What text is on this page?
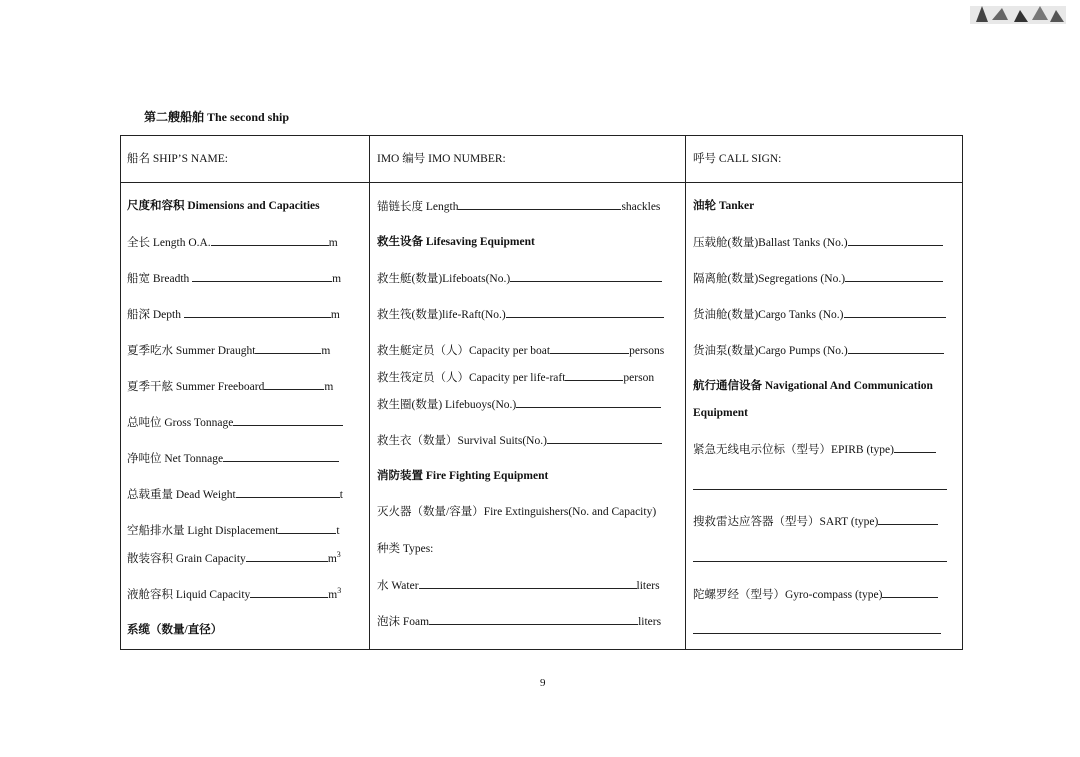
第二艘船舶 The second ship
船名 SHIP’S NAME:	IMO 编号 IMO NUMBER:	呼号 CALL SIGN:
尺度和容积 Dimensions and Capacities
全长 Length O.A.	m
船宽 Breadth	m
船深 Depth	m
夏季吃水 Summer Draught	m
夏季干舷 Summer Freeboard	m
总吨位 Gross Tonnage
净吨位 Net Tonnage
总载重量 Dead Weight	t
空船排水量 Light Displacement	t
散装容积 Grain Capacity	$m^3$
液舱容积 Liquid Capacity	$m^3$
系缆（数量/直径）
锚链长度 Length	shackles
救生设备 Lifesaving Equipment
救生艇(数量)Lifeboats(No.)
救生筏(数量)life-Raft(No.)
救生艇定员（人）Capacity per boat	persons
救生筏定员（人）Capacity per life-raft	person
救生圈(数量) Lifebuoys(No.)
救生衣（数量）Survival Suits(No.)
消防装置 Fire Fighting Equipment
灭火器（数量/容量）Fire Extinguishers(No. and Capacity)
种类 Types:
水 Water	liters
泡沫 Foam	liters
油轮 Tanker
压载舱(数量)Ballast Tanks (No.)
隔离舱(数量)Segregations (No.)
货油舱(数量)Cargo Tanks (No.)
货油泵(数量)Cargo Pumps (No.)
航行通信设备 Navigational And Communication
Equipment
紧急无线电示位标（型号）EPIRB (type)
搜救雷达应答器（型号）SART (type)
陀螺罗经（型号）Gyro-compass (type)
9
